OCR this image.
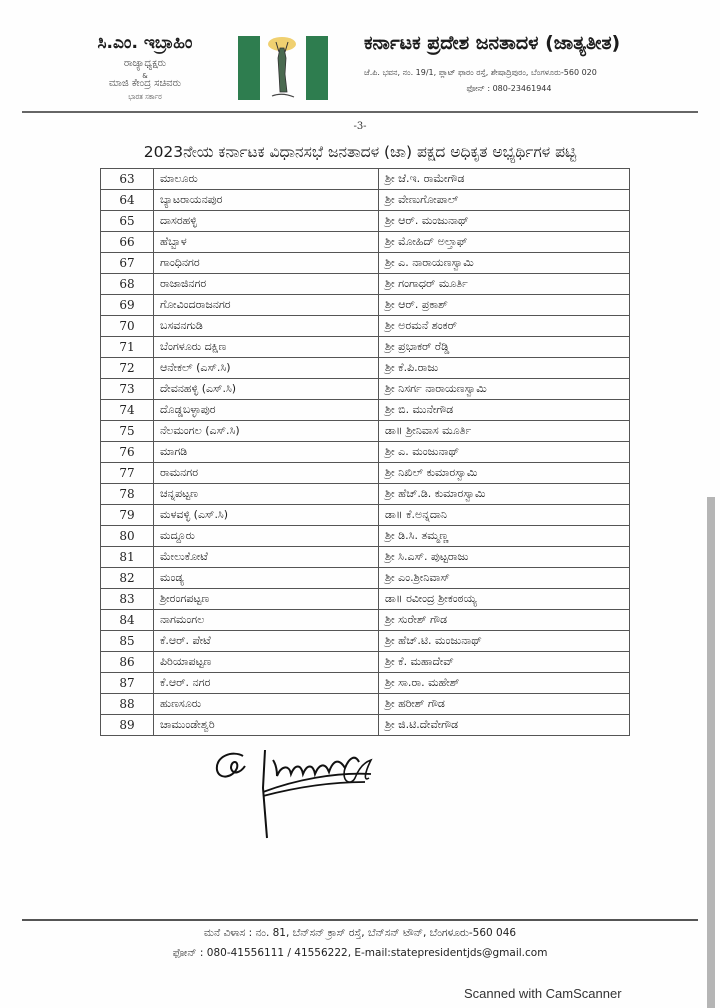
ಸಿ.ಎಂ. ಇಬ್ರಾಹಿಂ
ರಾಜ್ಯಾಧ್ಯಕ್ಷರು
&
ಮಾಜಿ ಕೇಂದ್ರ ಸಚಿವರು
ಭಾರತ ಸರ್ಕಾರ
ಕರ್ನಾಟಕ ಪ್ರದೇಶ ಜನತಾದಳ (ಜಾತ್ಯತೀತ)
ಜೆ.ಪಿ. ಭವನ, ನಂ. 19/1, ಪ್ಲಾಟ್ ಫಾರಂ ರಸ್ತೆ, ಶೇಷಾದ್ರಿಪುರಂ, ಬೆಂಗಳೂರು-560 020
ಫೋನ್ : 080-23461944
-3-
2023ನೇಯ ಕರ್ನಾಟಕ ವಿಧಾನಸಭೆ ಜನತಾದಳ (ಜಾ) ಪಕ್ಷದ ಅಧಿಕೃತ ಅಭ್ಯರ್ಥಿಗಳ ಪಟ್ಟಿ
63	ಮಾಲೂರು	ಶ್ರೀ ಜೆ.ಇ. ರಾಮೇಗೌಡ
64	ಬ್ಯಾಟರಾಯನಪುರ	ಶ್ರೀ ವೇಣುಗೋಪಾಲ್
65	ದಾಸರಹಳ್ಳಿ	ಶ್ರೀ ಆರ್. ಮಂಜುನಾಥ್
66	ಹೆಬ್ಬಾಳ	ಶ್ರೀ ಮೋಹಿದ್ ಅಲ್ತಾಫ್
67	ಗಾಂಧಿನಗರ	ಶ್ರೀ ಎ. ನಾರಾಯಣಸ್ವಾಮಿ
68	ರಾಜಾಜಿನಗರ	ಶ್ರೀ ಗಂಗಾಧರ್ ಮೂರ್ತಿ
69	ಗೋವಿಂದರಾಜನಗರ	ಶ್ರೀ ಆರ್. ಪ್ರಕಾಶ್
70	ಬಸವನಗುಡಿ	ಶ್ರೀ ಅರಮನೆ ಶಂಕರ್
71	ಬೆಂಗಳೂರು ದಕ್ಷಿಣ	ಶ್ರೀ ಪ್ರಭಾಕರ್ ರೆಡ್ಡಿ
72	ಆನೇಕಲ್ (ಎಸ್.ಸಿ)	ಶ್ರೀ ಕೆ.ಪಿ.ರಾಜು
73	ದೇವನಹಳ್ಳಿ (ಎಸ್.ಸಿ)	ಶ್ರೀ ನಿಸರ್ಗ ನಾರಾಯಣಸ್ವಾಮಿ
74	ದೊಡ್ಡಬಳ್ಳಾಪುರ	ಶ್ರೀ ಬಿ. ಮುನೇಗೌಡ
75	ನೆಲಮಂಗಲ (ಎಸ್.ಸಿ)	ಡಾ॥ ಶ್ರೀನಿವಾಸ ಮೂರ್ತಿ
76	ಮಾಗಡಿ	ಶ್ರೀ ಎ. ಮಂಜುನಾಥ್
77	ರಾಮನಗರ	ಶ್ರೀ ನಿಖಿಲ್ ಕುಮಾರಸ್ವಾಮಿ
78	ಚನ್ನಪಟ್ಟಣ	ಶ್ರೀ ಹೆಚ್.ಡಿ. ಕುಮಾರಸ್ವಾಮಿ
79	ಮಳವಳ್ಳಿ (ಎಸ್.ಸಿ)	ಡಾ॥ ಕೆ.ಅನ್ನದಾನಿ
80	ಮದ್ದೂರು	ಶ್ರೀ ಡಿ.ಸಿ. ತಮ್ಮಣ್ಣ
81	ಮೇಲುಕೋಟೆ	ಶ್ರೀ ಸಿ.ಎಸ್. ಪುಟ್ಟರಾಜು
82	ಮಂಡ್ಯ	ಶ್ರೀ ಎಂ.ಶ್ರೀನಿವಾಸ್
83	ಶ್ರೀರಂಗಪಟ್ಟಣ	ಡಾ॥ ರವೀಂದ್ರ ಶ್ರೀಕಂಠಯ್ಯ
84	ನಾಗಮಂಗಲ	ಶ್ರೀ ಸುರೇಶ್ ಗೌಡ
85	ಕೆ.ಆರ್. ಪೇಟೆ	ಶ್ರೀ ಹೆಚ್.ಟಿ. ಮಂಜುನಾಥ್
86	ಪಿರಿಯಾಪಟ್ಟಣ	ಶ್ರೀ ಕೆ. ಮಹಾದೇವ್
87	ಕೆ.ಆರ್. ನಗರ	ಶ್ರೀ ಸಾ.ರಾ. ಮಹೇಶ್
88	ಹುಣಸೂರು	ಶ್ರೀ ಹರೀಶ್ ಗೌಡ
89	ಚಾಮುಂಡೇಶ್ವರಿ	ಶ್ರೀ ಜಿ.ಟಿ.ದೇವೇಗೌಡ
ಮನೆ ವಿಳಾಸ : ನಂ. 81, ಬೆನ್‌ಸನ್ ಕ್ರಾಸ್ ರಸ್ತೆ, ಬೆನ್‌ಸನ್ ಟೌನ್, ಬೆಂಗಳೂರು-560 046
ಫೋನ್ : 080-41556111 / 41556222, E-mail:statepresidentjds@gmail.com
Scanned with CamScanner
